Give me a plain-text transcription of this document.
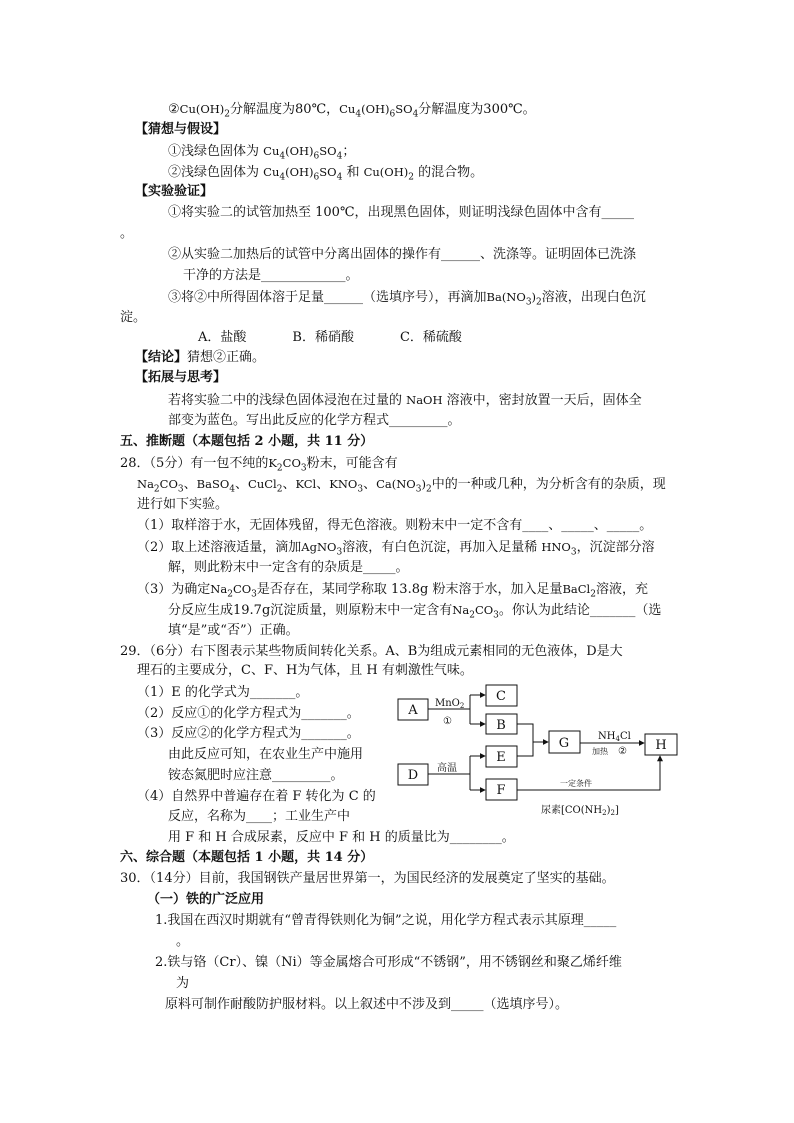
$②Cu(OH)_2$分解温度为80℃，$Cu_4(OH)_6SO_4$分解温度为300℃。
【猜想与假设】
①浅绿色固体为 $Cu_4(OH)_6SO_4$；
②浅绿色固体为 $Cu_4(OH)_6SO_4$ 和 $Cu(OH)_2$ 的混合物。
【实验验证】
①将实验二的试管加热至 100℃，出现黑色固体，则证明浅绿色固体中含有_____
。
②从实验二加热后的试管中分离出固体的操作有______、洗涤等。证明固体已洗涤
干净的方法是_____________。
③将②中所得固体溶于足量______（选填序号），再滴加$Ba(NO_3)_2$溶液，出现白色沉
淀。
A．盐酸	B．稀硝酸	C．稀硫酸
【结论】猜想②正确。
【拓展与思考】
若将实验二中的浅绿色固体浸泡在过量的 NaOH 溶液中，密封放置一天后，固体全
部变为蓝色。写出此反应的化学方程式_________。
五、推断题（本题包括 2 小题，共 11 分）
28．（5分）有一包不纯的$K_2CO_3$粉末，可能含有
$Na_2CO_3$、BaSO$_4$、CuCl$_2$、KCl、$KNO_3$、$Ca(NO_3)_2$中的一种或几种，为分析含有的杂质，现
进行如下实验。
（1）取样溶于水，无固体残留，得无色溶液。则粉末中一定不含有____、_____、_____。
（2）取上述溶液适量，滴加AgNO$_3$溶液，有白色沉淀，再加入足量稀 $HNO_3$，沉淀部分溶
解，则此粉末中一定含有的杂质是_____。
（3）为确定$Na_2CO_3$是否存在，某同学称取 13.8g 粉末溶于水，加入足量BaCl$_2$溶液，充
分反应生成19.7g沉淀质量，则原粉末中一定含有$Na_2CO_3$。你认为此结论_______（选
填“是”或“否”）正确。
29．（6分）右下图表示某些物质间转化关系。A、B为组成元素相同的无色液体，D是大
理石的主要成分，C、F、H为气体，且 H 有刺激性气味。
（1）E 的化学式为_______。
（2）反应①的化学方程式为_______。
（3）反应②的化学方程式为_______。
由此反应可知，在农业生产中施用
铵态氮肥时应注意_________。
（4）自然界中普遍存在着 F 转化为 C 的
反应，名称为____；工业生产中
用 F 和 H 合成尿素，反应中 F 和 H 的质量比为________。
六、综合题（本题包括 1 小题，共 14 分）
30．（14分）目前，我国钢铁产量居世界第一，为国民经济的发展奠定了坚实的基础。
（一）铁的广泛应用
1.我国在西汉时期就有“曾青得铁则化为铜”之说，用化学方程式表示其原理_____
。
2.铁与铬（Cr）、镍（Ni）等金属熔合可形成“不锈钢”，用不锈钢丝和聚乙烯纤维
为
原料可制作耐酸防护服材料。以上叙述中不涉及到_____（选填序号）。
A
C
B
G	H
D
E
F
MnO$_2$
①
高温
$NH_4Cl$
加热 ②
一定条件
尿素$[CO(NH_2)_2]$
